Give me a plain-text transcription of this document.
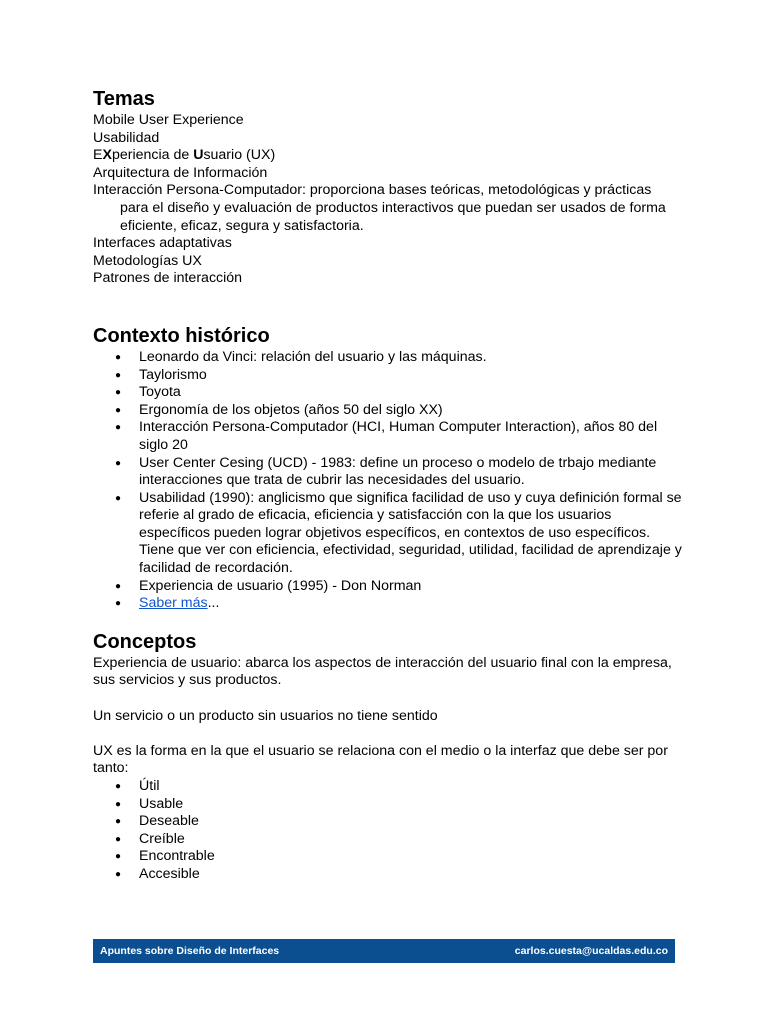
Temas
Mobile User Experience
Usabilidad
EXperiencia de Usuario (UX)
Arquitectura de Información
Interacción Persona-Computador: proporciona bases teóricas, metodológicas y prácticas para el diseño y evaluación de productos interactivos que puedan ser usados de forma eficiente, eficaz, segura y satisfactoria.
Interfaces adaptativas
Metodologías UX
Patrones de interacción
Contexto histórico
● Leonardo da Vinci: relación del usuario y las máquinas.
● Taylorismo
● Toyota
● Ergonomía de los objetos (años 50 del siglo XX)
● Interacción Persona-Computador (HCI, Human Computer Interaction), años 80 del siglo 20
● User Center Cesing (UCD) - 1983: define un proceso o modelo de trbajo mediante interacciones que trata de cubrir las necesidades del usuario.
● Usabilidad (1990): anglicismo que significa facilidad de uso y cuya definición formal se referie al grado de eficacia, eficiencia y satisfacción con la que los usuarios específicos pueden lograr objetivos específicos, en contextos de uso específicos. Tiene que ver con eficiencia, efectividad, seguridad, utilidad, facilidad de aprendizaje y facilidad de recordación.
● Experiencia de usuario (1995) - Don Norman
● Saber más...
Conceptos
Experiencia de usuario: abarca los aspectos de interacción del usuario final con la empresa, sus servicios y sus productos.
Un servicio o un producto sin usuarios no tiene sentido
UX es la forma en la que el usuario se relaciona con el medio o la interfaz que debe ser por tanto:
● Útil
● Usable
● Deseable
● Creíble
● Encontrable
● Accesible
Apuntes sobre Diseño de Interfaces	carlos.cuesta@ucaldas.edu.co
